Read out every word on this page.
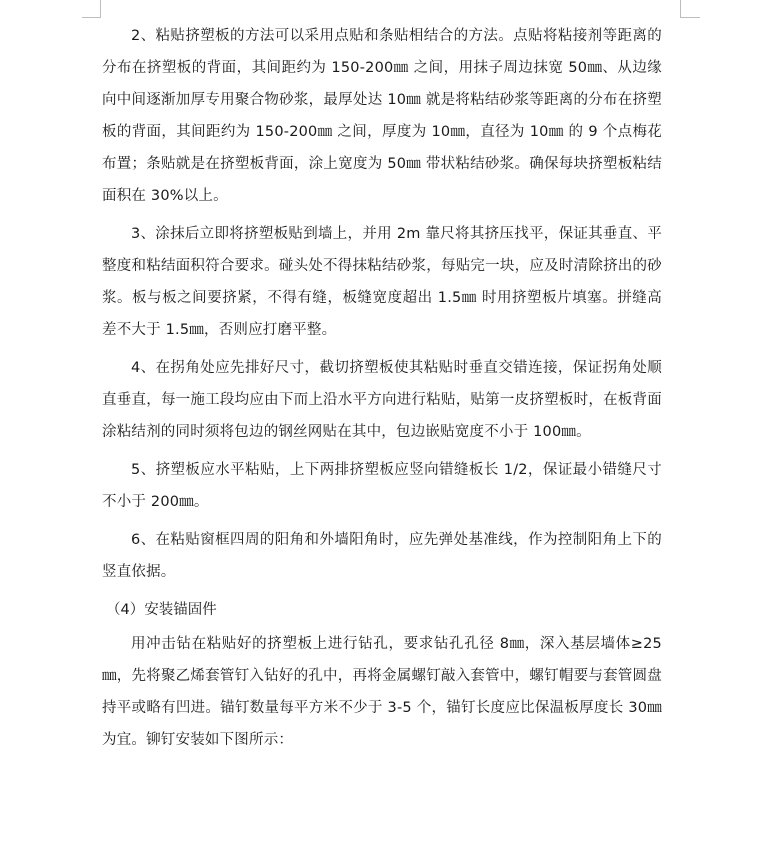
2、粘贴挤塑板的方法可以采用点贴和条贴相结合的方法。点贴将粘接剂等距离的分布在挤塑板的背面，其间距约为 150-200㎜ 之间，用抹子周边抹宽 50㎜、从边缘向中间逐渐加厚专用聚合物砂浆，最厚处达 10㎜ 就是将粘结砂浆等距离的分布在挤塑板的背面，其间距约为 150-200㎜ 之间，厚度为 10㎜，直径为 10㎜ 的 9 个点梅花布置；条贴就是在挤塑板背面，涂上宽度为 50㎜ 带状粘结砂浆。确保每块挤塑板粘结面积在 30%以上。

3、涂抹后立即将挤塑板贴到墙上，并用 2m 靠尺将其挤压找平，保证其垂直、平整度和粘结面积符合要求。碰头处不得抹粘结砂浆，每贴完一块，应及时清除挤出的砂浆。板与板之间要挤紧，不得有缝，板缝宽度超出 1.5㎜ 时用挤塑板片填塞。拼缝高差不大于 1.5㎜，否则应打磨平整。

4、在拐角处应先排好尺寸，截切挤塑板使其粘贴时垂直交错连接，保证拐角处顺直垂直，每一施工段均应由下而上沿水平方向进行粘贴，贴第一皮挤塑板时，在板背面涂粘结剂的同时须将包边的钢丝网贴在其中，包边嵌贴宽度不小于 100㎜。

5、挤塑板应水平粘贴，上下两排挤塑板应竖向错缝板长 1/2，保证最小错缝尺寸不小于 200㎜。

6、在粘贴窗框四周的阳角和外墙阳角时，应先弹处基准线，作为控制阳角上下的竖直依据。

（4）安装锚固件

用冲击钻在粘贴好的挤塑板上进行钻孔，要求钻孔孔径 8㎜，深入基层墙体≥25㎜，先将聚乙烯套管钉入钻好的孔中，再将金属螺钉敲入套管中，螺钉帽要与套管圆盘持平或略有凹进。锚钉数量每平方米不少于 3-5 个，锚钉长度应比保温板厚度长 30㎜为宜。铆钉安装如下图所示：
